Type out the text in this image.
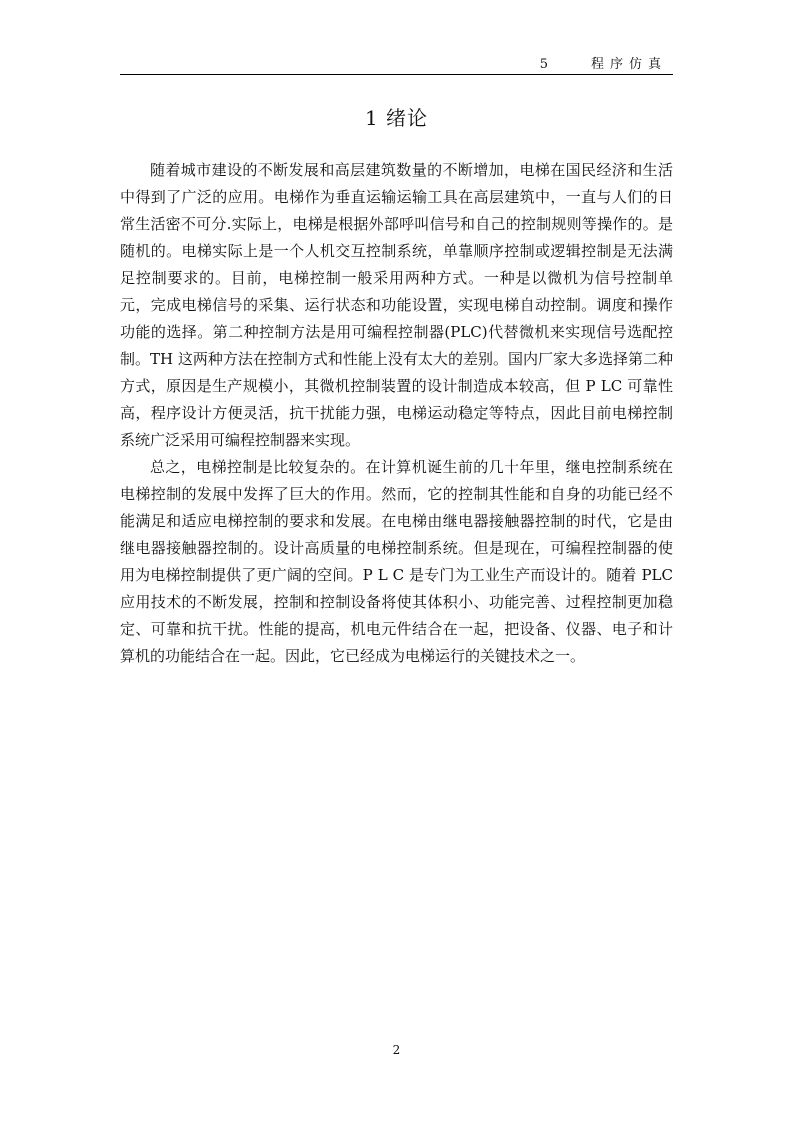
5	程序仿真
1 绪论

随着城市建设的不断发展和高层建筑数量的不断增加，电梯在国民经济和生活中得到了广泛的应用。电梯作为垂直运输运输工具在高层建筑中，一直与人们的日常生活密不可分.实际上，电梯是根据外部呼叫信号和自己的控制规则等操作的。是随机的。电梯实际上是一个人机交互控制系统，单靠顺序控制或逻辑控制是无法满足控制要求的。目前，电梯控制一般采用两种方式。一种是以微机为信号控制单元，完成电梯信号的采集、运行状态和功能设置，实现电梯自动控制。调度和操作功能的选择。第二种控制方法是用可编程控制器(PLC)代替微机来实现信号选配控制。TH 这两种方法在控制方式和性能上没有太大的差别。国内厂家大多选择第二种方式，原因是生产规模小，其微机控制装置的设计制造成本较高，但 P LC 可靠性高，程序设计方便灵活，抗干扰能力强，电梯运动稳定等特点，因此目前电梯控制系统广泛采用可编程控制器来实现。

总之，电梯控制是比较复杂的。在计算机诞生前的几十年里，继电控制系统在电梯控制的发展中发挥了巨大的作用。然而，它的控制其性能和自身的功能已经不能满足和适应电梯控制的要求和发展。在电梯由继电器接触器控制的时代，它是由继电器接触器控制的。设计高质量的电梯控制系统。但是现在，可编程控制器的使用为电梯控制提供了更广阔的空间。P L C 是专门为工业生产而设计的。随着 PLC 应用技术的不断发展，控制和控制设备将使其体积小、功能完善、过程控制更加稳定、可靠和抗干扰。性能的提高，机电元件结合在一起，把设备、仪器、电子和计算机的功能结合在一起。因此，它已经成为电梯运行的关键技术之一。

2
